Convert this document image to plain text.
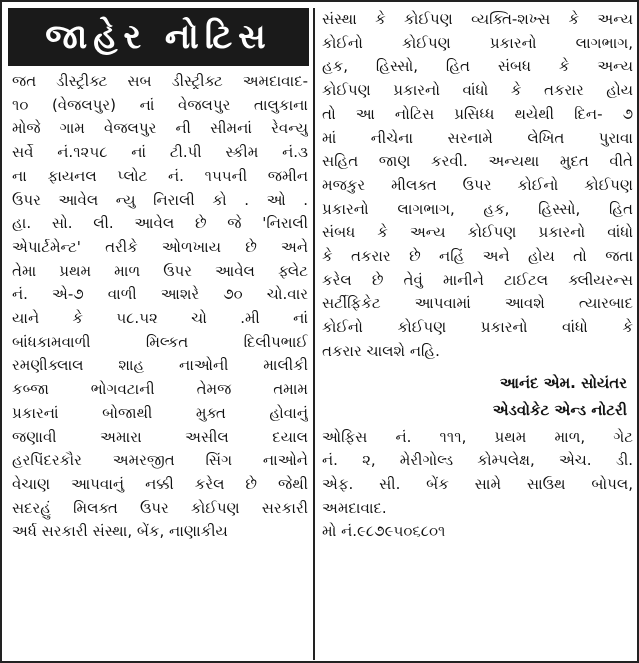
જાહેર નોટિસ
જત ડીસ્ટ્રીક્ટ સબ ડીસ્ટ્રીક્ટ અમદાવાદ-
૧૦ (વેજલપુર) નાં વેજલપુર તાલુકાના
મોજે ગામ વેજલપુર ની સીમનાં રેવન્યુ
સર્વે નં.૧૨૫૮ નાં ટી.પી સ્કીમ નં.૩
ના ફાયનલ પ્લોટ નં. ૧૫૫ની જમીન
ઉપર આવેલ ન્યુ નિરાલી કો . ઓ .
હા. સો. લી. આવેલ છે જે 'નિરાલી
એપાર્ટમેન્ટ' તરીકે ઓળખાય છે અને
તેમા પ્રથમ માળ ઉપર આવેલ ફ્લેટ
નં. એ-૭ વાળી આશરે ૭૦ ચો.વાર
યાને કે ૫૮.૫૨ ચો .મી નાં
બાંધકામવાળી મિલ્કત દિલીપભાઈ
રમણીક્લાલ શાહ નાઓની માલીકી
કબ્જા ભોગવટાની તેમજ તમામ
પ્રકારનાં બોજાથી મુક્ત હોવાનું
જણાવી અમારા અસીલ દયાલ
હરપિંદરકૌર અમરજીત સિંગ નાઓને
વેચાણ આપવાનું નક્કી કરેલ છે જેથી
સદરહું મિલક્ત ઉપર કોઈપણ સરકારી
અર્ધ સરકારી સંસ્થા, બેંક, નાણાકીય
સંસ્થા કે કોઈપણ વ્યક્તિ-શખ્સ કે અન્ય
કોઈનો કોઈપણ પ્રકારનો લાગભાગ,
હક, હિસ્સો, હિત સંબધ કે અન્ય
કોઈપણ પ્રકારનો વાંધો કે તકરાર હોય
તો આ નોટિસ પ્રસિધ્ધ થયેથી દિન- ૭
માં નીચેના સરનામે લેખિત પુરાવા
સહિત જાણ કરવી. અન્યથા મુદત વીતે
મજકુર મીલક્ત ઉપર કોઈનો કોઈપણ
પ્રકારનો લાગભાગ, હક, હિસ્સો, હિત
સંબધ કે અન્ય કોઈપણ પ્રકારનો વાંધો
કે તકરાર છે નહિં અને હોય તો જતા
કરેલ છે તેવું માનીને ટાઈટલ ક્લીયરન્સ
સર્ટીફિકેટ આપવામાં આવશે ત્યારબાદ
કોઈનો કોઈપણ પ્રકારનો વાંધો કે
તકરાર ચાલશે નહિ.
આનંદ એમ. સોયંતર
એડવોકેટ એન્ડ નોટરી
ઓફિસ નં. ૧૧૧, પ્રથમ માળ, ગેટ
નં. ૨, મેરીગોલ્ડ કોમ્પલેક્ષ, એચ. ડી.
એફ. સી. બેંક સામે સાઉથ બોપલ,
અમદાવાદ.
મો નં.૯૮૭૯૫૦૬૮૦૧
